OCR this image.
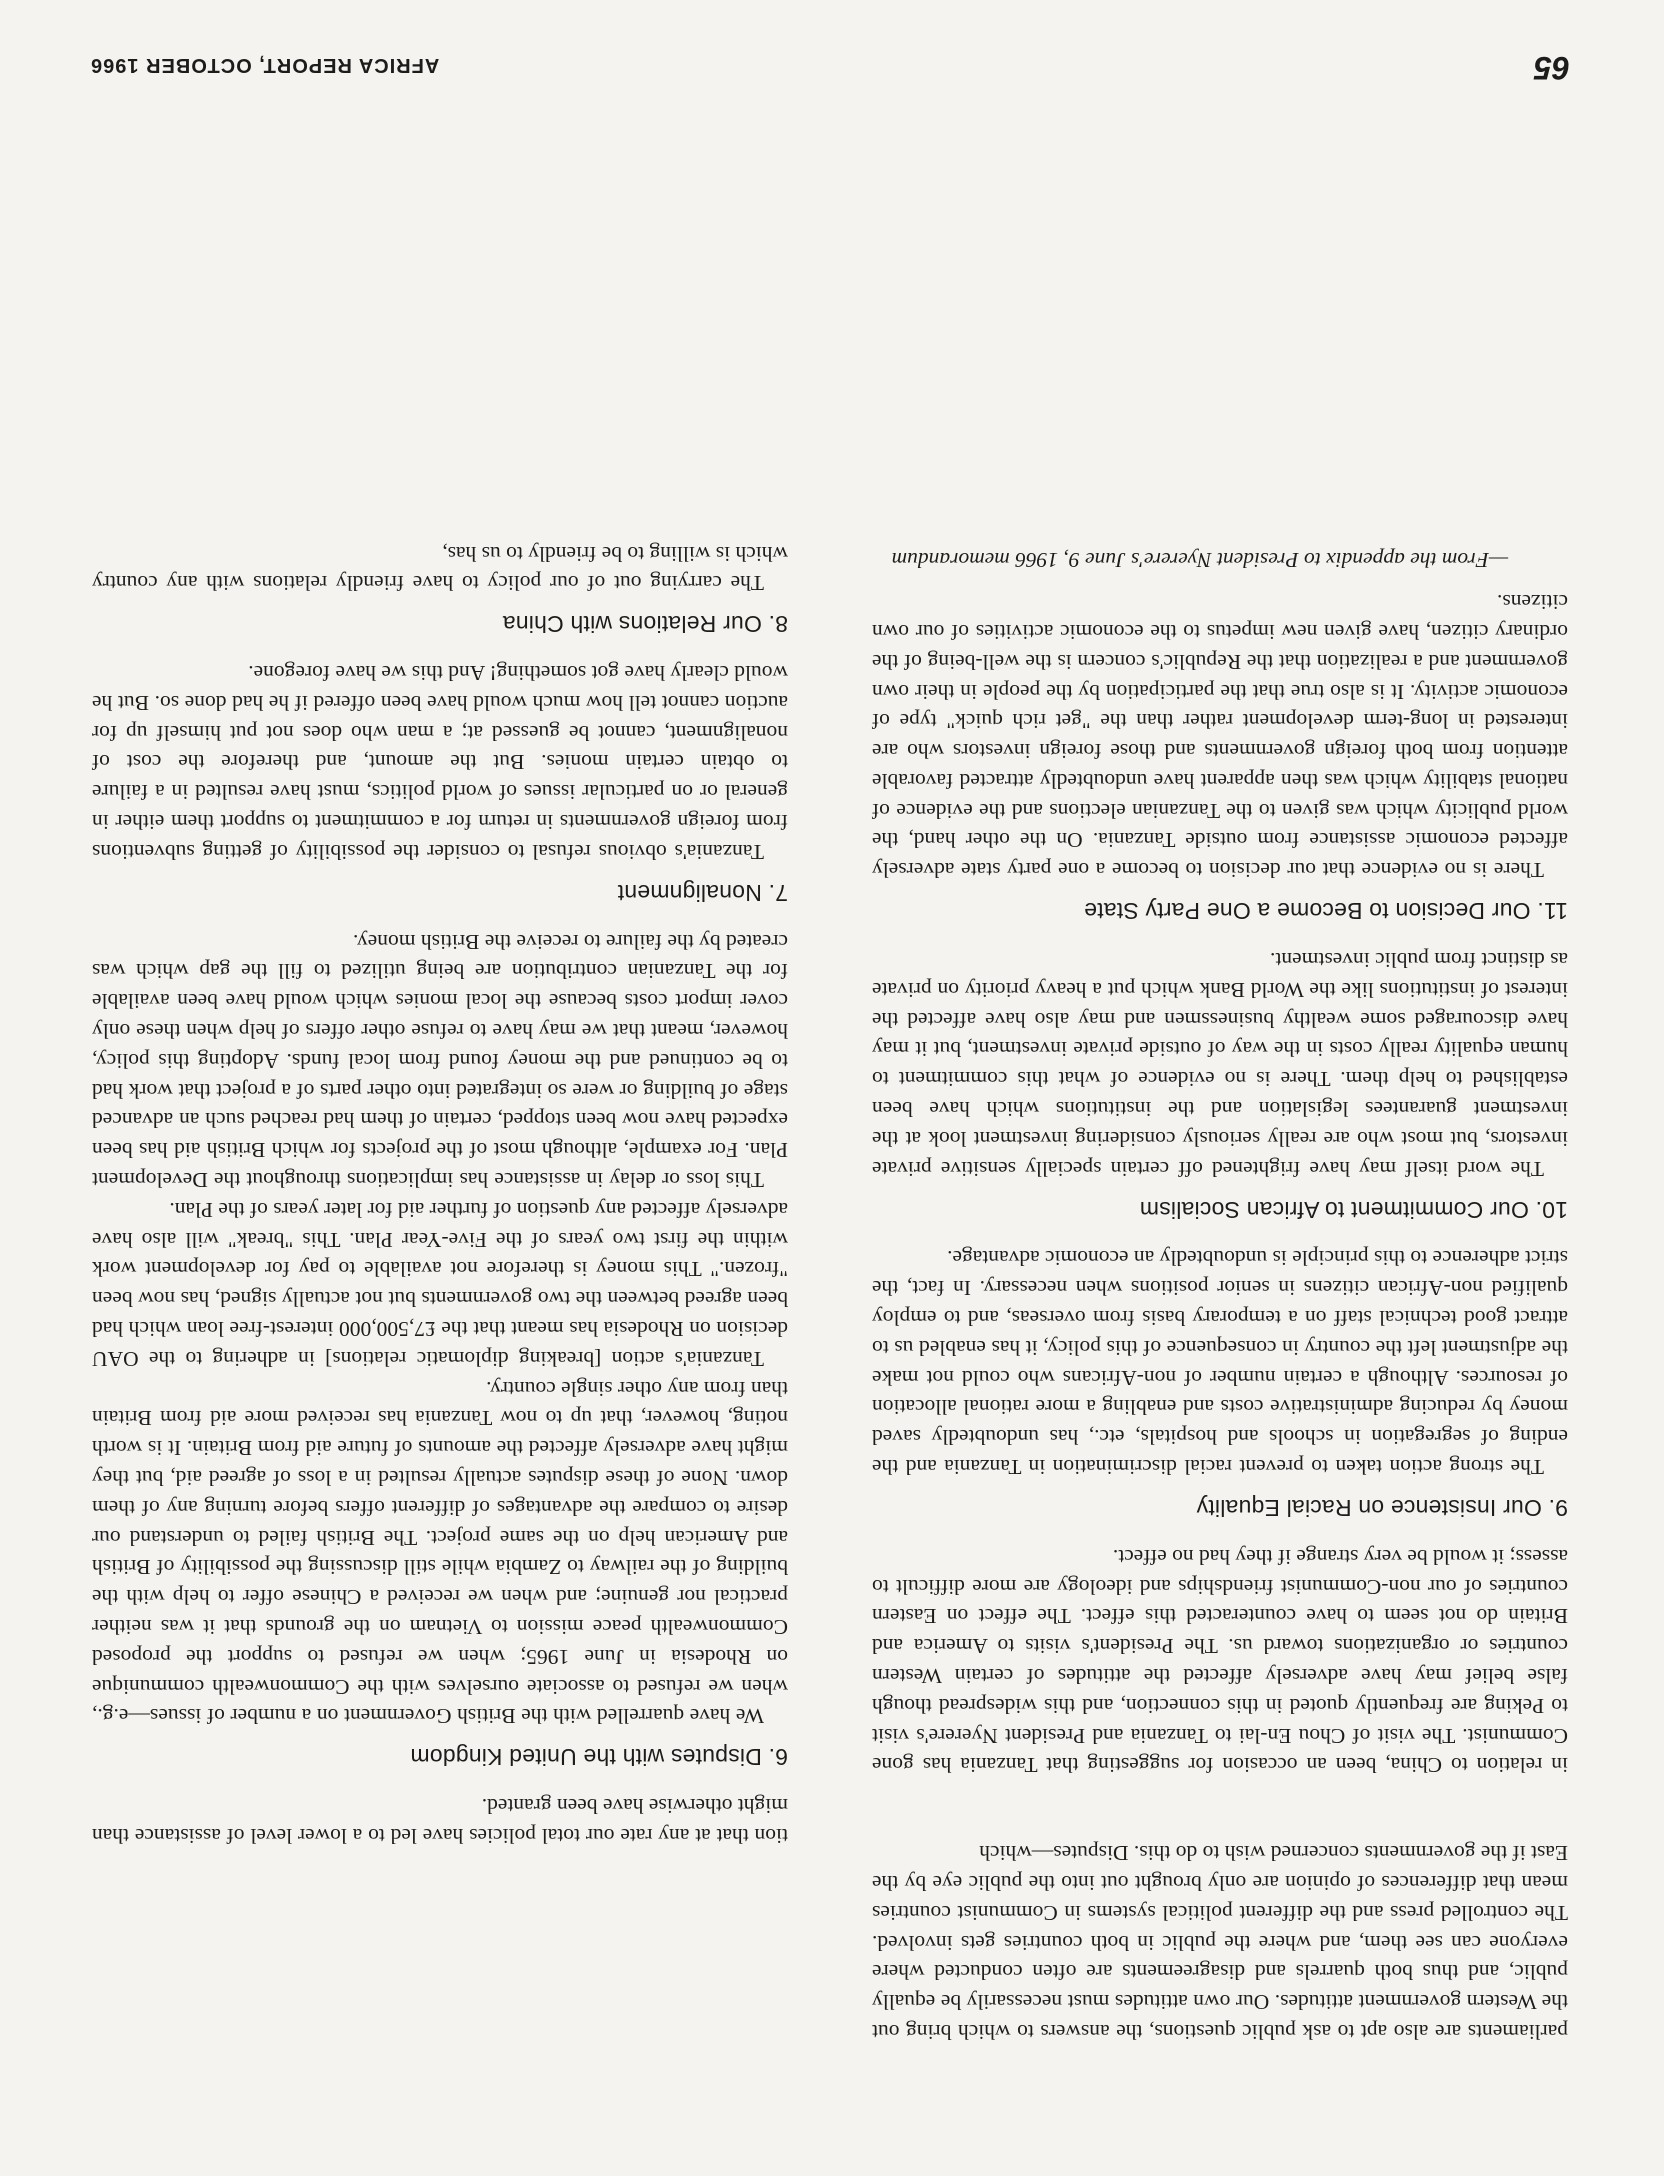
AFRICA REPORT, OCTOBER 1966	65

parliaments are also apt to ask public questions, the answers to which bring out the Western government attitudes. Our own attitudes must necessarily be equally public, and thus both quarrels and disagreements are often conducted where everyone can see them, and where the public in both countries gets involved. The controlled press and the different political systems in Communist countries mean that differences of opinion are only brought out into the public eye by the East if the governments concerned wish to do this. Disputes—which

in relation to China, been an occasion for suggesting that Tanzania has gone Communist. The visit of Chou En-lai to Tanzania and President Nyerere's visit to Peking are frequently quoted in this connection, and this widespread though false belief may have adversely affected the attitudes of certain Western countries or organizations toward us. The President's visits to America and Britain do not seem to have counteracted this effect. The effect on Eastern countries of our non-Communist friendships and ideology are more difficult to assess; it would be very strange if they had no effect.

9. Our Insistence on Racial Equality

The strong action taken to prevent racial discrimination in Tanzania and the ending of segregation in schools and hospitals, etc., has undoubtedly saved money by reducing administrative costs and enabling a more rational allocation of resources. Although a certain number of non-Africans who could not make the adjustment left the country in consequence of this policy, it has enabled us to attract good technical staff on a temporary basis from overseas, and to employ qualified non-African citizens in senior positions when necessary. In fact, the strict adherence to this principle is undoubtedly an economic advantage.

10. Our Commitment to African Socialism

The word itself may have frightened off certain specially sensitive private investors, but most who are really seriously considering investment look at the investment guarantees legislation and the institutions which have been established to help them. There is no evidence of what this commitment to human equality really costs in the way of outside private investment, but it may have discouraged some wealthy businessmen and may also have affected the interest of institutions like the World Bank which put a heavy priority on private as distinct from public investment.

11. Our Decision to Become a One Party State

There is no evidence that our decision to become a one party state adversely affected economic assistance from outside Tanzania. On the other hand, the world publicity which was given to the Tanzanian elections and the evidence of national stability which was then apparent have undoubtedly attracted favorable attention from both foreign governments and those foreign investors who are interested in long-term development rather than the "get rich quick" type of economic activity. It is also true that the participation by the people in their own government and a realization that the Republic's concern is the well-being of the ordinary citizen, have given new impetus to the economic activities of our own citizens.

—From the appendix to President Nyerere's June 9, 1966 memorandum

tion that at any rate our total policies have led to a lower level of assistance than might otherwise have been granted.

6. Disputes with the United Kingdom

We have quarrelled with the British Government on a number of issues—e.g., when we refused to associate ourselves with the Commonwealth communique on Rhodesia in June 1965; when we refused to support the proposed Commonwealth peace mission to Vietnam on the grounds that it was neither practical nor genuine; and when we received a Chinese offer to help with the building of the railway to Zambia while still discussing the possibility of British and American help on the same project. The British failed to understand our desire to compare the advantages of different offers before turning any of them down. None of these disputes actually resulted in a loss of agreed aid, but they might have adversely affected the amounts of future aid from Britain. It is worth noting, however, that up to now Tanzania has received more aid from Britain than from any other single country.

Tanzania's action [breaking diplomatic relations] in adhering to the OAU decision on Rhodesia has meant that the £7,500,000 interest-free loan which had been agreed between the two governments but not actually signed, has now been "frozen." This money is therefore not available to pay for development work within the first two years of the Five-Year Plan. This "break" will also have adversely affected any question of further aid for later years of the Plan.

This loss or delay in assistance has implications throughout the Development Plan. For example, although most of the projects for which British aid has been expected have now been stopped, certain of them had reached such an advanced stage of building or were so integrated into other parts of a project that work had to be continued and the money found from local funds. Adopting this policy, however, meant that we may have to refuse other offers of help when these only cover import costs because the local monies which would have been available for the Tanzanian contribution are being utilized to fill the gap which was created by the failure to receive the British money.

7. Nonalignment

Tanzania's obvious refusal to consider the possibility of getting subventions from foreign governments in return for a commitment to support them either in general or on particular issues of world politics, must have resulted in a failure to obtain certain monies. But the amount, and therefore the cost of nonalignment, cannot be guessed at; a man who does not put himself up for auction cannot tell how much would have been offered if he had done so. But he would clearly have got something! And this we have foregone.

8. Our Relations with China

The carrying out of our policy to have friendly relations with any country which is willing to be friendly to us has,
